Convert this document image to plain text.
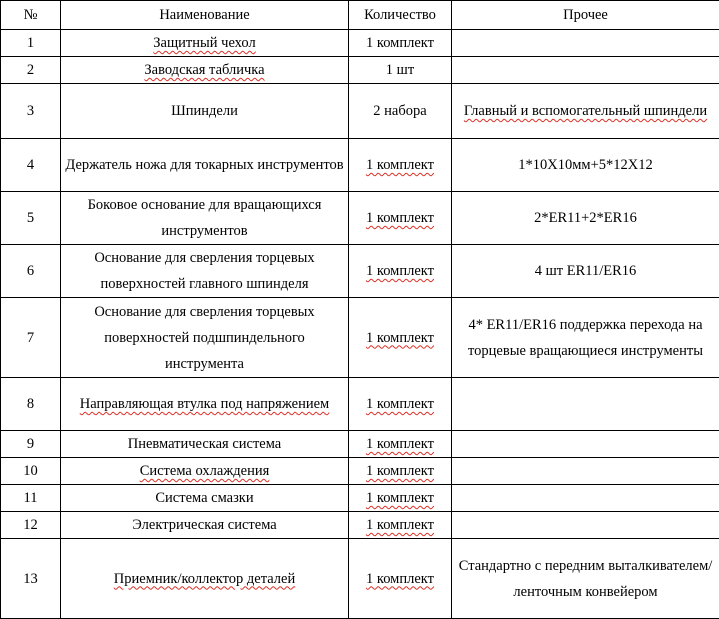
№	Наименование	Количество	Прочее
1	Защитный чехол	1 комплект	
2	Заводская табличка	1 шт	
3	Шпиндели	2 набора	Главный и вспомогательный шпиндели
4	Держатель ножа для токарных инструментов	1 комплект	1*10X10мм+5*12X12
5	Боковое основание для вращающихся инструментов	1 комплект	2*ER11+2*ER16
6	Основание для сверления торцевых поверхностей главного шпинделя	1 комплект	4 шт ER11/ER16
7	Основание для сверления торцевых поверхностей подшпиндельного инструмента	1 комплект	4* ER11/ER16 поддержка перехода на торцевые вращающиеся инструменты
8	Направляющая втулка под напряжением	1 комплект	
9	Пневматическая система	1 комплект	
10	Система охлаждения	1 комплект	
11	Система смазки	1 комплект	
12	Электрическая система	1 комплект	
13	Приемник/коллектор деталей	1 комплект	Стандартно с передним выталкивателем/ленточным конвейером
